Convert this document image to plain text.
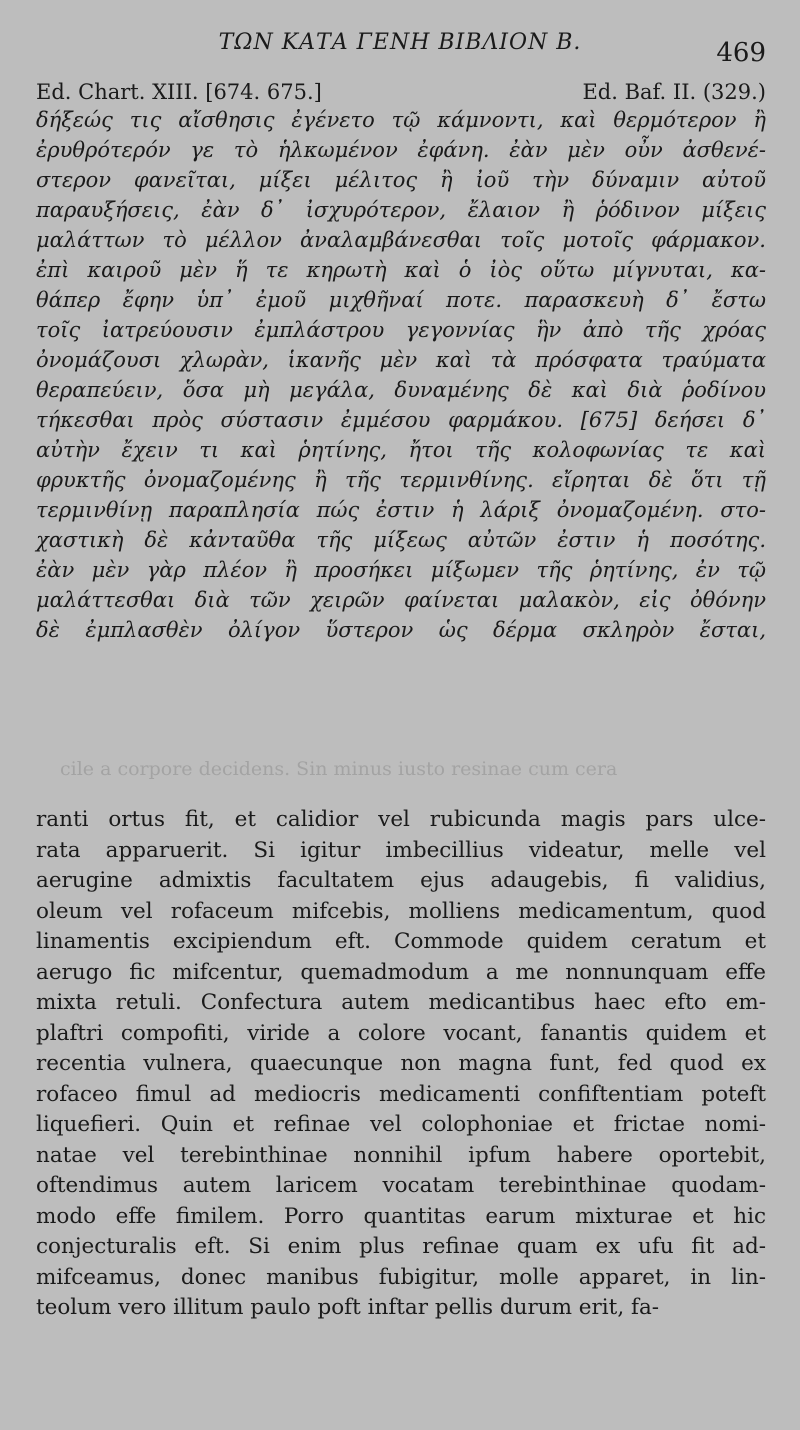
ΤΩΝ ΚΑΤΑ ΓΕΝΗ ΒΙΒΛΙΟΝ Β.	469
Ed. Chart. XIII. [674. 675.]	Ed. Baf. II. (329.)
δήξεώς τις αἴσθησις ἐγένετο τῷ κάμνοντι, καὶ θερμότερον ἢ
ἐρυθρότερόν γε τὸ ἡλκωμένον ἐφάνη. ἐὰν μὲν οὖν ἀσθενέ-
στερον φανεῖται, μίξει μέλιτος ἢ ἰοῦ τὴν δύναμιν αὐτοῦ
παραυξήσεις, ἐὰν δ᾽ ἰσχυρότερον, ἔλαιον ἢ ῥόδινον μίξεις
μαλάττων τὸ μέλλον ἀναλαμβάνεσθαι τοῖς μοτοῖς φάρμακον.
ἐπὶ καιροῦ μὲν ἥ τε κηρωτὴ καὶ ὁ ἰὸς οὕτω μίγνυται, κα-
θάπερ ἔφην ὑπ᾽ ἐμοῦ μιχθῆναί ποτε. παρασκευὴ δ᾽ ἔστω
τοῖς ἰατρεύουσιν ἐμπλάστρου γεγοννίας ἣν ἀπὸ τῆς χρόας
ὀνομάζουσι χλωρὰν, ἱκανῆς μὲν καὶ τὰ πρόσφατα τραύματα
θεραπεύειν, ὅσα μὴ μεγάλα, δυναμένης δὲ καὶ διὰ ῥοδίνου
τήκεσθαι πρὸς σύστασιν ἐμμέσου φαρμάκου. [675] δεήσει δ᾽
αὐτὴν ἔχειν τι καὶ ῥητίνης, ἤτοι τῆς κολοφωνίας τε καὶ
φρυκτῆς ὀνομαζομένης ἢ τῆς τερμινθίνης. εἴρηται δὲ ὅτι τῇ
τερμινθίνῃ παραπλησία πώς ἐστιν ἡ λάριξ ὀνομαζομένη. στο-
χαστικὴ δὲ κἀνταῦθα τῆς μίξεως αὐτῶν ἐστιν ἡ ποσότης.
ἐὰν μὲν γὰρ πλέον ἢ προσήκει μίξωμεν τῆς ῥητίνης, ἐν τῷ
μαλάττεσθαι διὰ τῶν χειρῶν φαίνεται μαλακὸν, εἰς ὀθόνην
δὲ ἐμπλασθὲν ὀλίγον ὕστερον ὡς δέρμα σκληρὸν ἔσται,
cile a corpore decidens. Sin minus iusto resinae cum cera
ranti ortus fit, et calidior vel rubicunda magis pars ulce-
rata apparuerit. Si igitur imbecillius videatur, melle vel
aerugine admixtis facultatem ejus adaugebis, fi validius,
oleum vel rofaceum mifcebis, molliens medicamentum, quod
linamentis excipiendum eft. Commode quidem ceratum et
aerugo fic mifcentur, quemadmodum a me nonnunquam effe
mixta retuli. Confectura autem medicantibus haec efto em-
plaftri compofiti, viride a colore vocant, fanantis quidem et
recentia vulnera, quaecunque non magna funt, fed quod ex
rofaceo fimul ad mediocris medicamenti confiftentiam poteft
liquefieri. Quin et refinae vel colophoniae et frictae nomi-
natae vel terebinthinae nonnihil ipfum habere oportebit,
oftendimus autem laricem vocatam terebinthinae quodam-
modo effe fimilem. Porro quantitas earum mixturae et hic
conjecturalis eft. Si enim plus refinae quam ex ufu fit ad-
mifceamus, donec manibus fubigitur, molle apparet, in lin-
teolum vero illitum paulo poft inftar pellis durum erit, fa-
